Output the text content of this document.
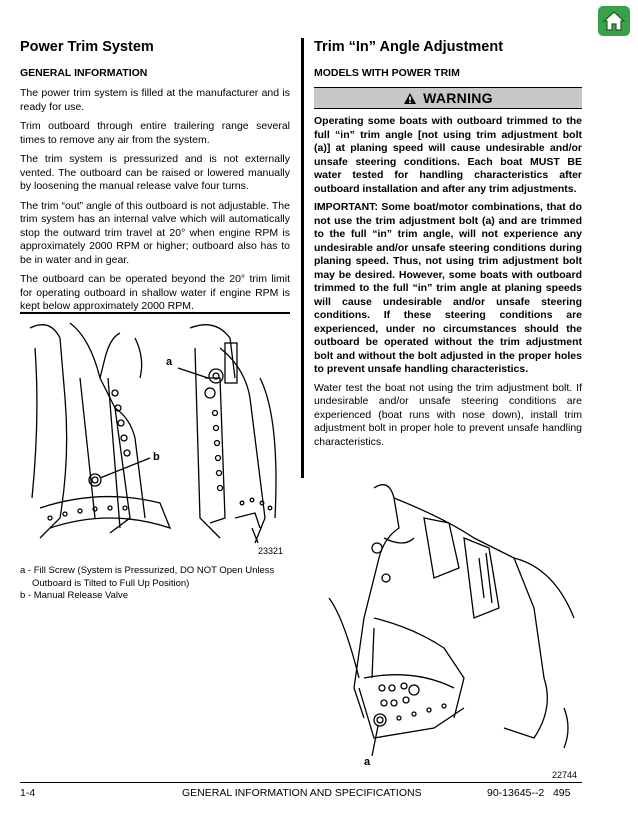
Power Trim System
GENERAL INFORMATION

The power trim system is filled at the manufacturer and is ready for use.

Trim outboard through entire trailering range several times to remove any air from the system.

The trim system is pressurized and is not externally vented. The outboard can be raised or lowered manually by loosening the manual release valve four turns.

The trim “out” angle of this outboard is not adjustable. The trim system has an internal valve which will automatically stop the outward trim travel at 20° when engine RPM is approximately 2000 RPM or higher; outboard also has to be in water and in gear.

The outboard can be operated beyond the 20° trim limit for operating outboard in shallow water if engine RPM is kept below approximately 2000 RPM.

a
b
23321
a - Fill Screw (System is Pressurized, DO NOT Open Unless
Outboard is Tilted to Full Up Position)
b - Manual Release Valve
Trim “In” Angle Adjustment
MODELS WITH POWER TRIM
WARNING

Operating some boats with outboard trimmed to the full “in” trim angle [not using trim adjustment bolt (a)] at planing speed will cause undesirable and/or unsafe steering conditions. Each boat MUST BE water tested for handling characteristics after outboard installation and after any trim adjustments.

IMPORTANT: Some boat/motor combinations, that do not use the trim adjustment bolt (a) and are trimmed to the full “in” trim angle, will not experience any undesirable and/or unsafe steering conditions during planing speed. Thus, not using trim adjustment bolt may be desired. However, some boats with outboard trimmed to the full “in” trim angle at planing speeds will cause undesirable and/or unsafe steering conditions. If these steering conditions are experienced, under no circumstances should the outboard be operated without the trim adjustment bolt and without the bolt adjusted in the proper holes to prevent unsafe handling characteristics.

Water test the boat not using the trim adjustment bolt. If undesirable and/or unsafe steering conditions are experienced (boat runs with nose down), install trim adjustment bolt in proper hole to prevent unsafe handling characteristics.

a
22744
1-4	GENERAL INFORMATION AND SPECIFICATIONS	90-13645--2   495
